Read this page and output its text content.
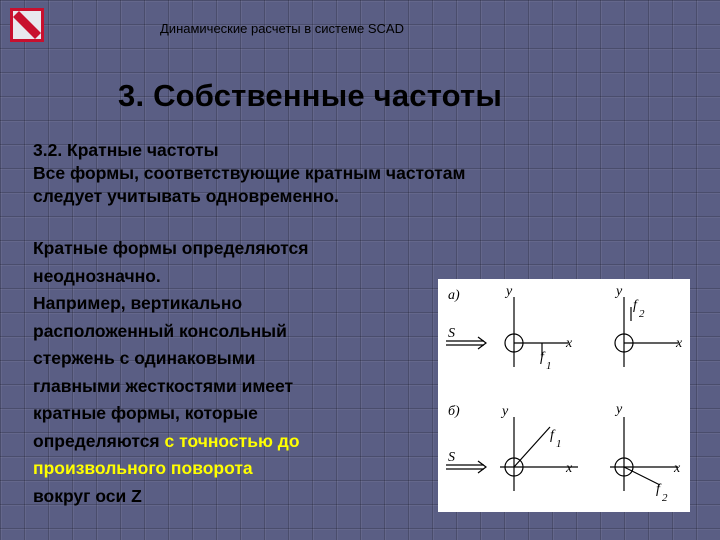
Динамические расчеты в системе SCAD
3. Собственные частоты
3.2. Кратные частоты
Все формы, соответствующие кратным частотам
следует учитывать одновременно.
Кратные формы определяются
неоднозначно.
Например, вертикально
расположенный консольный
стержень с одинаковыми
главными жесткостями имеет
кратные формы, которые
определяются с точностью до
произвольного поворота
вокруг оси Z
а)
S
y
x
f
1
y
x
f
2
б)
S
y
x
f
1
y
x
f
2
